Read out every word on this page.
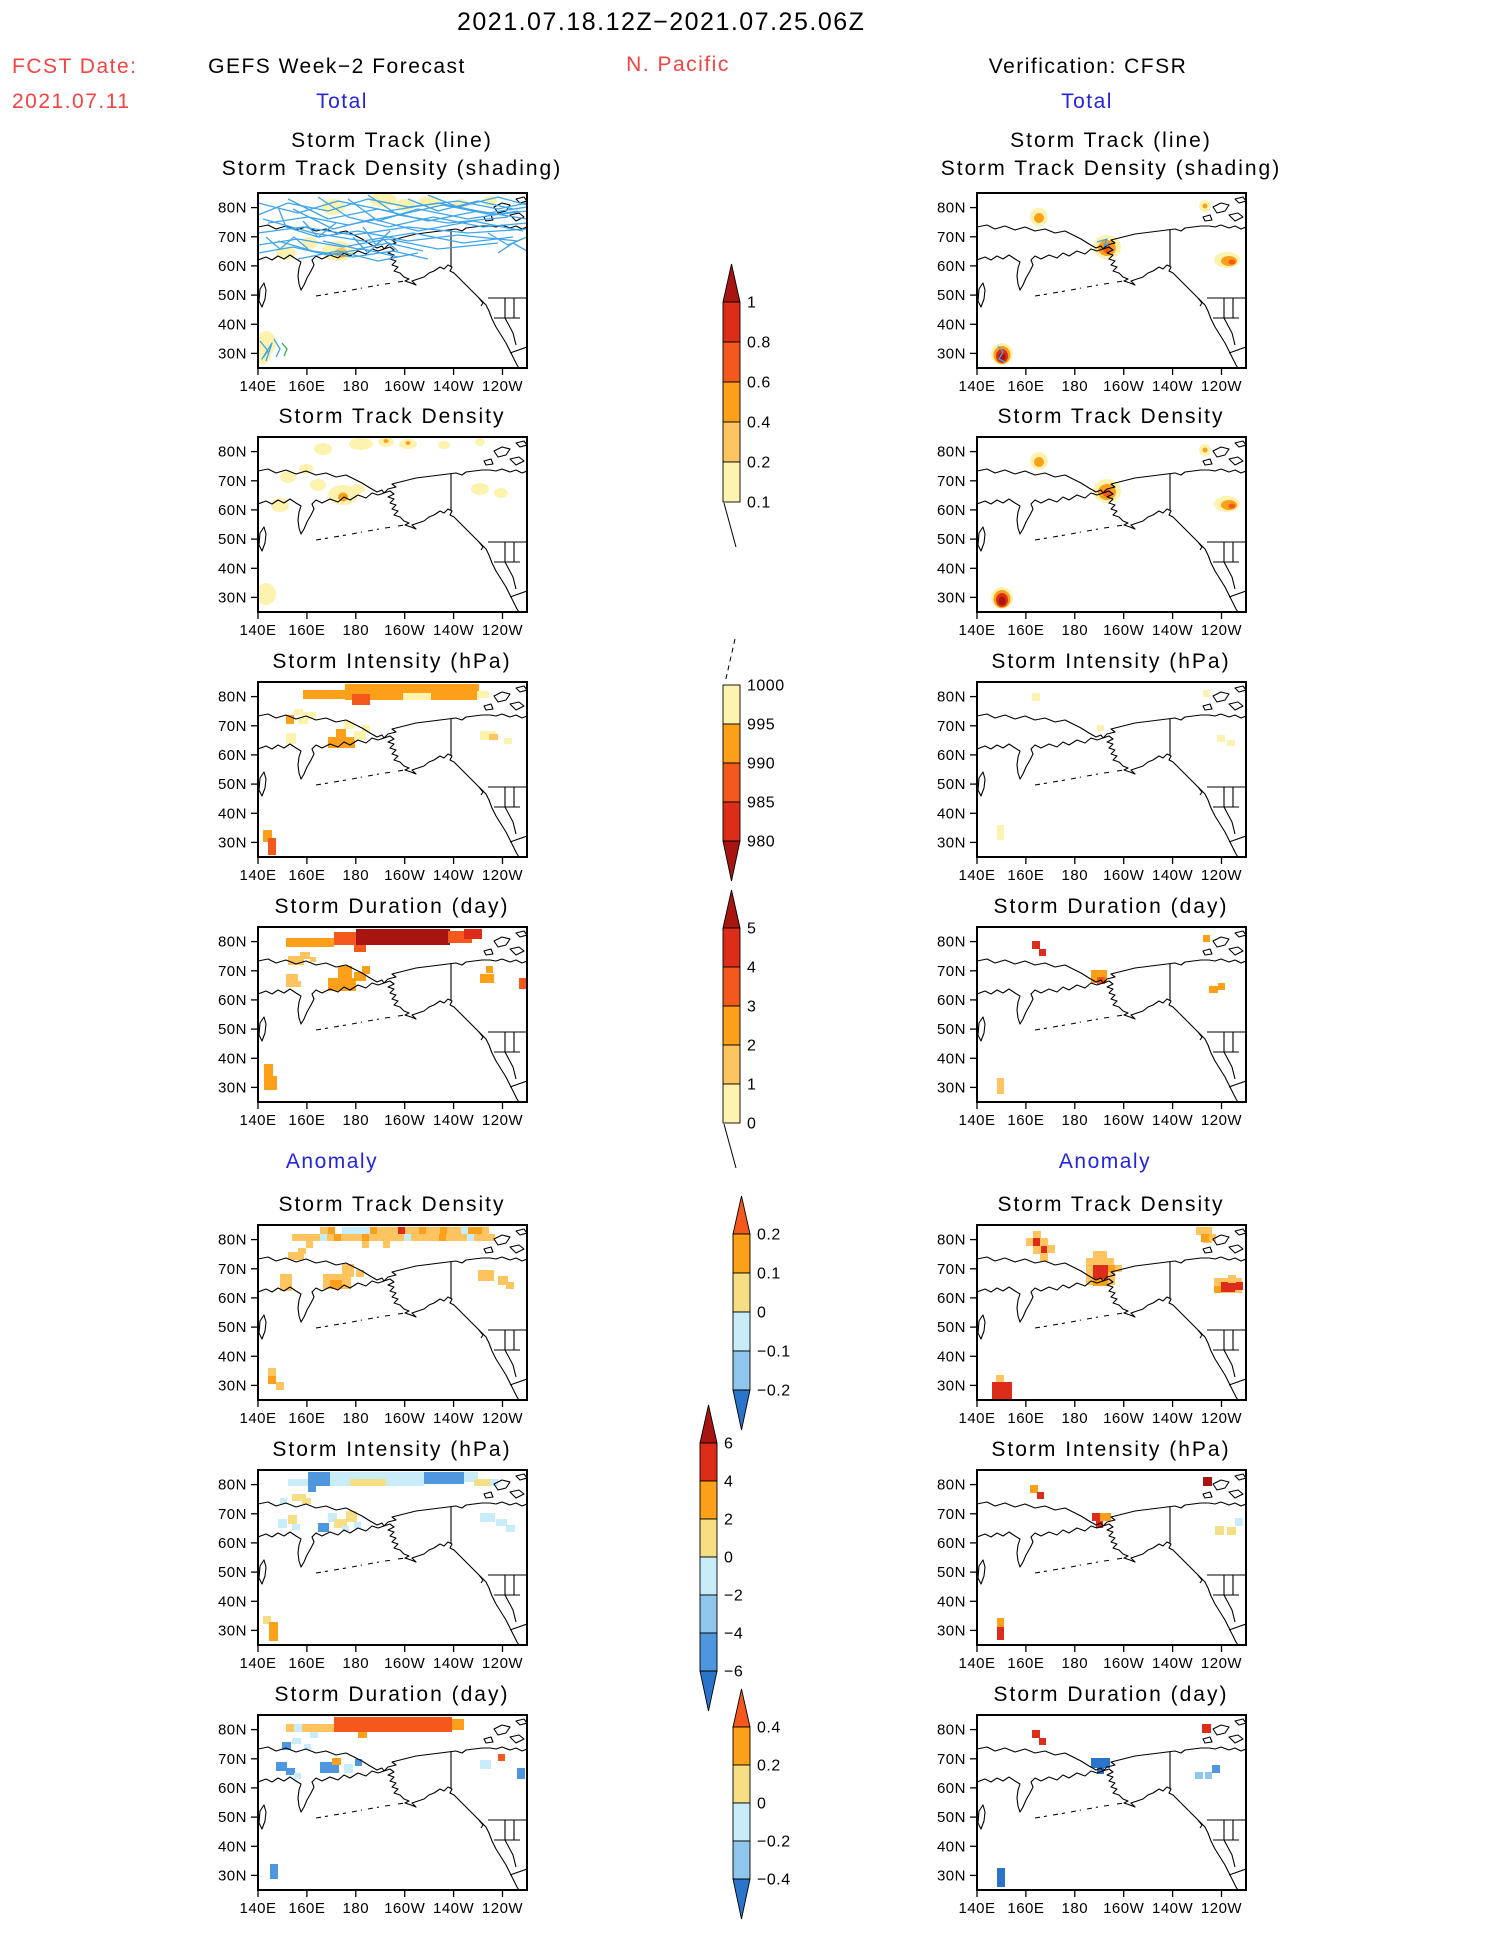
2021.07.18.12Z−2021.07.25.06Z
FCST Date:
2021.07.11
GEFS Week−2 Forecast
Total
N. Pacific	Verification: CFSR
Total
Anomaly	Anomaly
Storm Track (line)
Storm Track Density (shading)
80N
70N
60N
50N
40N
30N
140E 160E 180 160W 140W 120W
Storm Track Density
80N
70N
60N
50N
40N
30N
140E 160E 180 160W 140W 120W
Storm Intensity (hPa)
80N
70N
60N
50N
40N
30N
140E 160E 180 160W 140W 120W
Storm Duration (day)
80N
70N
60N
50N
40N
30N
140E 160E 180 160W 140W 120W
Storm Track Density
80N
70N
60N
50N
40N
30N
140E 160E 180 160W 140W 120W
Storm Intensity (hPa)
80N
70N
60N
50N
40N
30N
140E 160E 180 160W 140W 120W
Storm Duration (day)
80N
70N
60N
50N
40N
30N
140E 160E 180 160W 140W 120W
Storm Track (line)
Storm Track Density (shading)
80N
70N
60N
50N
40N
30N
140E 160E 180 160W 140W 120W
Storm Track Density
80N
70N
60N
50N
40N
30N
140E 160E 180 160W 140W 120W
Storm Intensity (hPa)
80N
70N
60N
50N
40N
30N
140E 160E 180 160W 140W 120W
Storm Duration (day)
80N
70N
60N
50N
40N
30N
140E 160E 180 160W 140W 120W
Storm Track Density
80N
70N
60N
50N
40N
30N
140E 160E 180 160W 140W 120W
Storm Intensity (hPa)
80N
70N
60N
50N
40N
30N
140E 160E 180 160W 140W 120W
Storm Duration (day)
80N
70N
60N
50N
40N
30N
140E 160E 180 160W 140W 120W
1
0.8
0.6
0.4
0.2
0.1
1000
995
990
985
980
5
4
3
2
1
0
0.2
0.1
0
−0.1
−0.2
6
4
2
0
−2
−4
−6
0.4
0.2
0
−0.2
−0.4
